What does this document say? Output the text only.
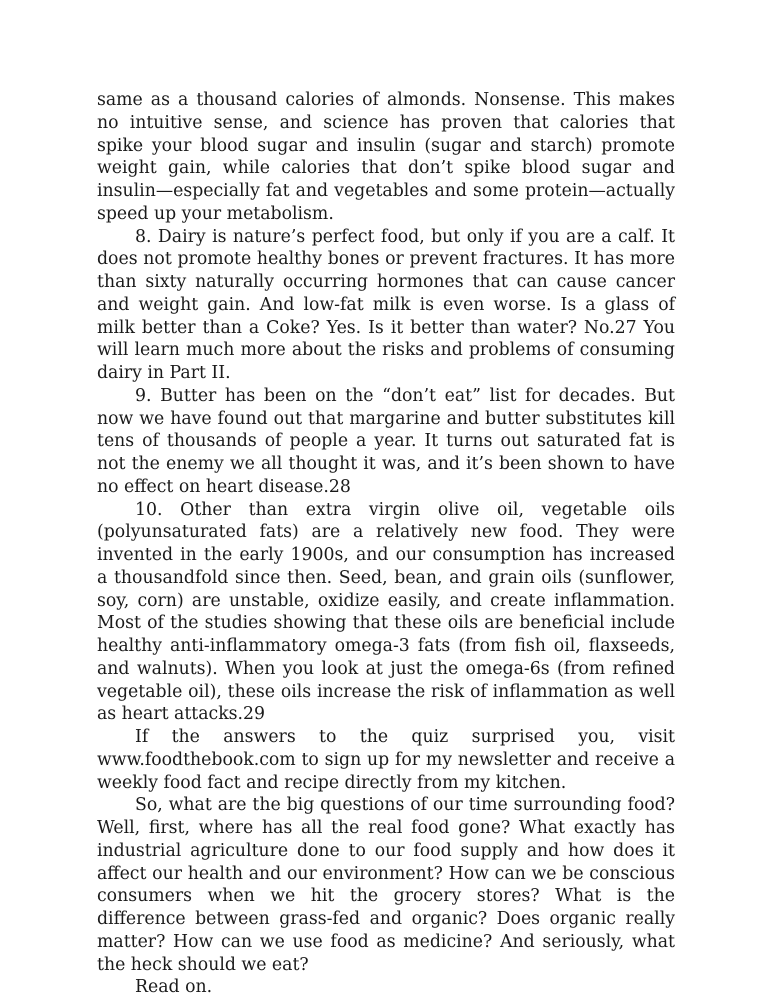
same as a thousand calories of almonds. Nonsense. This makes no intuitive sense, and science has proven that calories that spike your blood sugar and insulin (sugar and starch) promote weight gain, while calories that don’t spike blood sugar and insulin—especially fat and vegetables and some protein—actually speed up your metabolism.

8. Dairy is nature’s perfect food, but only if you are a calf. It does not promote healthy bones or prevent fractures. It has more than sixty naturally occurring hormones that can cause cancer and weight gain. And low-fat milk is even worse. Is a glass of milk better than a Coke? Yes. Is it better than water? No.27 You will learn much more about the risks and problems of consuming dairy in Part II.

9. Butter has been on the “don’t eat” list for decades. But now we have found out that margarine and butter substitutes kill tens of thousands of people a year. It turns out saturated fat is not the enemy we all thought it was, and it’s been shown to have no effect on heart disease.28

10. Other than extra virgin olive oil, vegetable oils (polyunsaturated fats) are a relatively new food. They were invented in the early 1900s, and our consumption has increased a thousandfold since then. Seed, bean, and grain oils (sunflower, soy, corn) are unstable, oxidize easily, and create inflammation. Most of the studies showing that these oils are beneficial include healthy anti-inflammatory omega-3 fats (from fish oil, flaxseeds, and walnuts). When you look at just the omega-6s (from refined vegetable oil), these oils increase the risk of inflammation as well as heart attacks.29

If the answers to the quiz surprised you, visit www.foodthebook.com to sign up for my newsletter and receive a weekly food fact and recipe directly from my kitchen.

So, what are the big questions of our time surrounding food? Well, first, where has all the real food gone? What exactly has industrial agriculture done to our food supply and how does it affect our health and our environment? How can we be conscious consumers when we hit the grocery stores? What is the difference between grass-fed and organic? Does organic really matter? How can we use food as medicine? And seriously, what the heck should we eat?

Read on.
